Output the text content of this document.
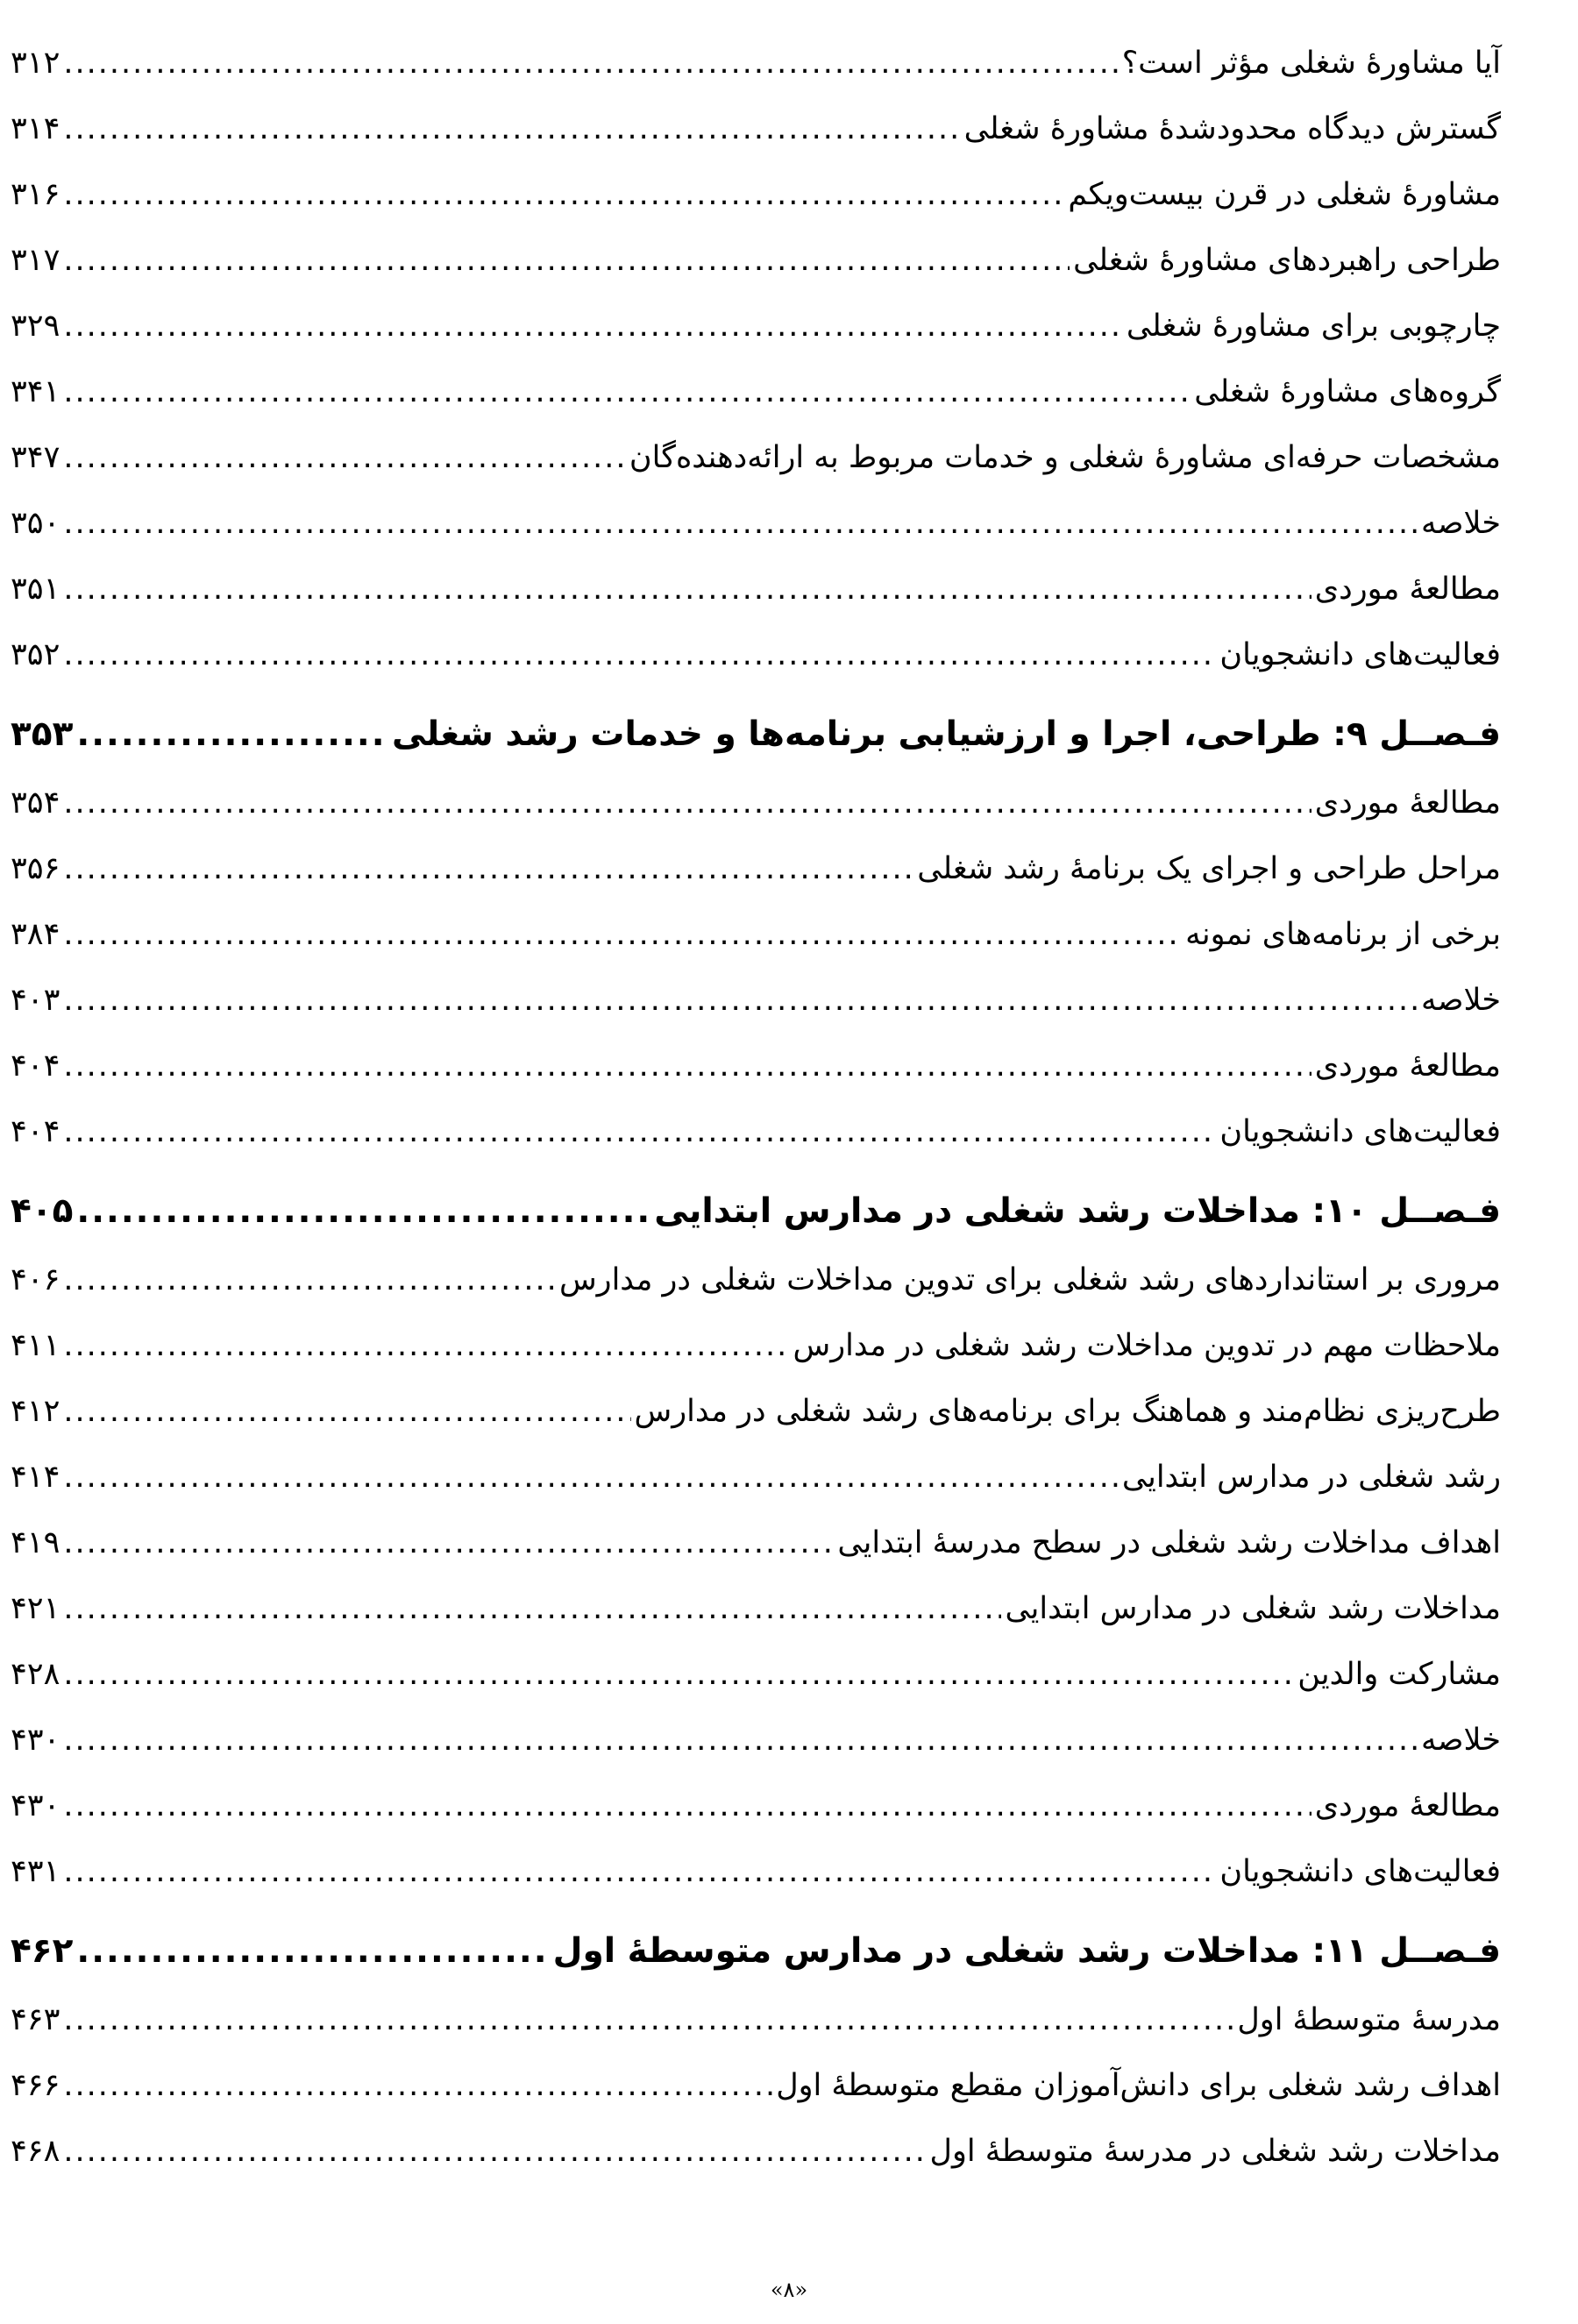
آیا مشاورۀ شغلی مؤثر است؟
.....
۳۱۲
گسترش دیدگاه محدودشدۀ مشاورۀ شغلی
.....
۳۱۴
مشاورۀ شغلی در قرن بیست‌ویکم
.....
۳۱۶
طراحی راهبردهای مشاورۀ شغلی
.....
۳۱۷
چارچوبی برای مشاورۀ شغلی
.....
۳۲۹
گروه‌های مشاورۀ شغلی
.....
۳۴۱
مشخصات حرفه‌ای مشاورۀ شغلی و خدمات مربوط به ارائه‌دهنده‌گان
.....
۳۴۷
خلاصه
.....
۳۵۰
مطالعۀ موردی
.....
۳۵۱
فعالیت‌های دانشجویان
.....
۳۵۲
فـصــل ۹: طراحی، اجرا و ارزشیابی برنامه‌ها و خدمات رشد شغلی
.....
۳۵۳
مطالعۀ موردی
.....
۳۵۴
مراحل طراحی و اجرای یک برنامۀ رشد شغلی
.....
۳۵۶
برخی از برنامه‌های نمونه
.....
۳۸۴
خلاصه
.....
۴۰۳
مطالعۀ موردی
.....
۴۰۴
فعالیت‌های دانشجویان
.....
۴۰۴
فـصــل ۱۰: مداخلات رشد شغلی در مدارس ابتدایی
.....
۴۰۵
مروری بر استانداردهای رشد شغلی برای تدوین مداخلات شغلی در مدارس
.....
۴۰۶
ملاحظات مهم در تدوین مداخلات رشد شغلی در مدارس
.....
۴۱۱
طرح‌ریزی نظام‌مند و هماهنگ برای برنامه‌های رشد شغلی در مدارس
.....
۴۱۲
رشد شغلی در مدارس ابتدایی
.....
۴۱۴
اهداف مداخلات رشد شغلی در سطح مدرسۀ ابتدایی
.....
۴۱۹
مداخلات رشد شغلی در مدارس ابتدایی
.....
۴۲۱
مشارکت والدین
.....
۴۲۸
خلاصه
.....
۴۳۰
مطالعۀ موردی
.....
۴۳۰
فعالیت‌های دانشجویان
.....
۴۳۱
فـصــل ۱۱: مداخلات رشد شغلی در مدارس متوسطۀ اول
.....
۴۶۲
مدرسۀ متوسطۀ اول
.....
۴۶۳
اهداف رشد شغلی برای دانش‌آموزان مقطع متوسطۀ اول
.....
۴۶۶
مداخلات رشد شغلی در مدرسۀ متوسطۀ اول
.....
۴۶۸
«۸»
